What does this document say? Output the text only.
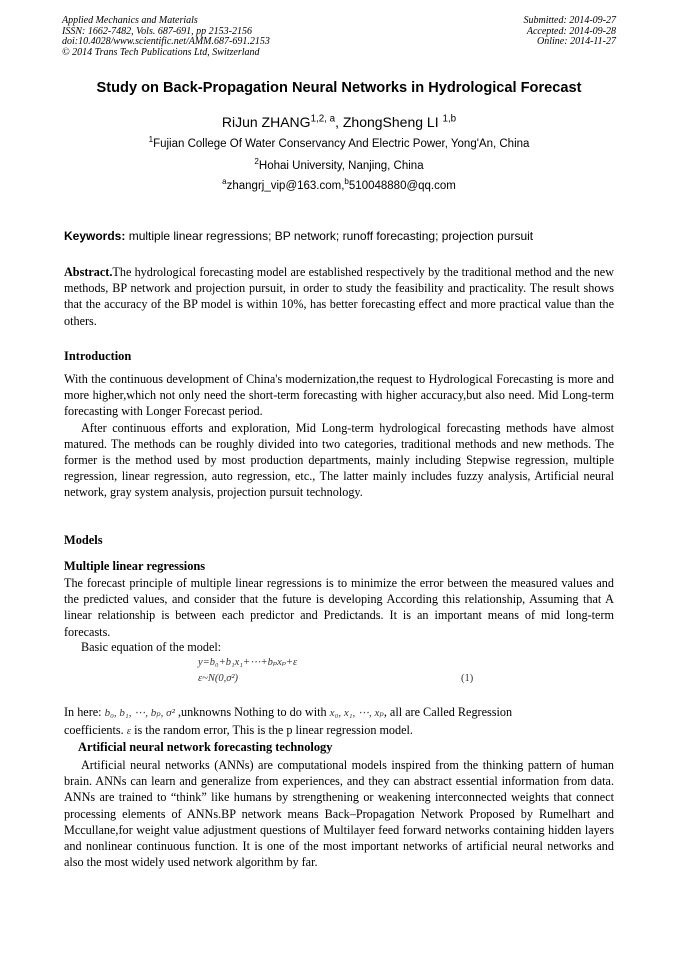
Applied Mechanics and Materials
ISSN: 1662-7482, Vols. 687-691, pp 2153-2156
doi:10.4028/www.scientific.net/AMM.687-691.2153
© 2014 Trans Tech Publications Ltd, Switzerland
Submitted: 2014-09-27
Accepted: 2014-09-28
Online: 2014-11-27
Study on Back-Propagation Neural Networks in Hydrological Forecast
RiJun ZHANG$^{1,2, a}$, ZhongSheng LI $^{1,b}$
$^1$Fujian College Of Water Conservancy And Electric Power, Yong'An, China
$^2$Hohai University, Nanjing, China
$^a$zhangrj_vip@163.com,$^b$510048880@qq.com
Keywords: multiple linear regressions; BP network; runoff forecasting; projection pursuit
Abstract.The hydrological forecasting model are established respectively by the traditional method and the new methods, BP network and projection pursuit, in order to study the feasibility and practicality. The result shows that the accuracy of the BP model is within 10%, has better forecasting effect and more practical value than the others.
Introduction
With the continuous development of China's modernization,the request to Hydrological Forecasting is more and more higher,which not only need the short-term forecasting with higher accuracy,but also need. Mid Long-term forecasting with Longer Forecast period.
After continuous efforts and exploration, Mid Long-term hydrological forecasting methods have almost matured. The methods can be roughly divided into two categories, traditional methods and new methods. The former is the method used by most production departments, mainly including Stepwise regression, multiple regression, linear regression, auto regression, etc., The latter mainly includes fuzzy analysis, Artificial neural network, gray system analysis, projection pursuit technology.
Models
Multiple linear regressions
The forecast principle of multiple linear regressions is to minimize the error between the measured values and the predicted values, and consider that the future is developing According this relationship, Assuming that A linear relationship is between each predictor and Predictands. It is an important means of mid long-term forecasts.
Basic equation of the model:
y=b₀+b₁x₁+⋯+bₚxₚ+ε
ε~N(0,σ²)	(1)
In here: b₀, b₁, ⋯, bₚ, σ² ,unknowns Nothing to do with x₀, x₁, ⋯, xₚ, all are Called Regression
coefficients. ε is the random error, This is the p linear regression model.
Artificial neural network forecasting technology
Artificial neural networks (ANNs) are computational models inspired from the thinking pattern of human brain. ANNs can learn and generalize from experiences, and they can abstract essential information from data. ANNs are trained to “think” like humans by strengthening or weakening interconnected weights that connect processing elements of ANNs.BP network means Back–Propagation Network Proposed by Rumelhart and Mccullane,for weight value adjustment questions of Multilayer feed forward networks containing hidden layers and nonlinear continuous function. It is one of the most important networks of artificial neural networks and also the most widely used network algorithm by far.
